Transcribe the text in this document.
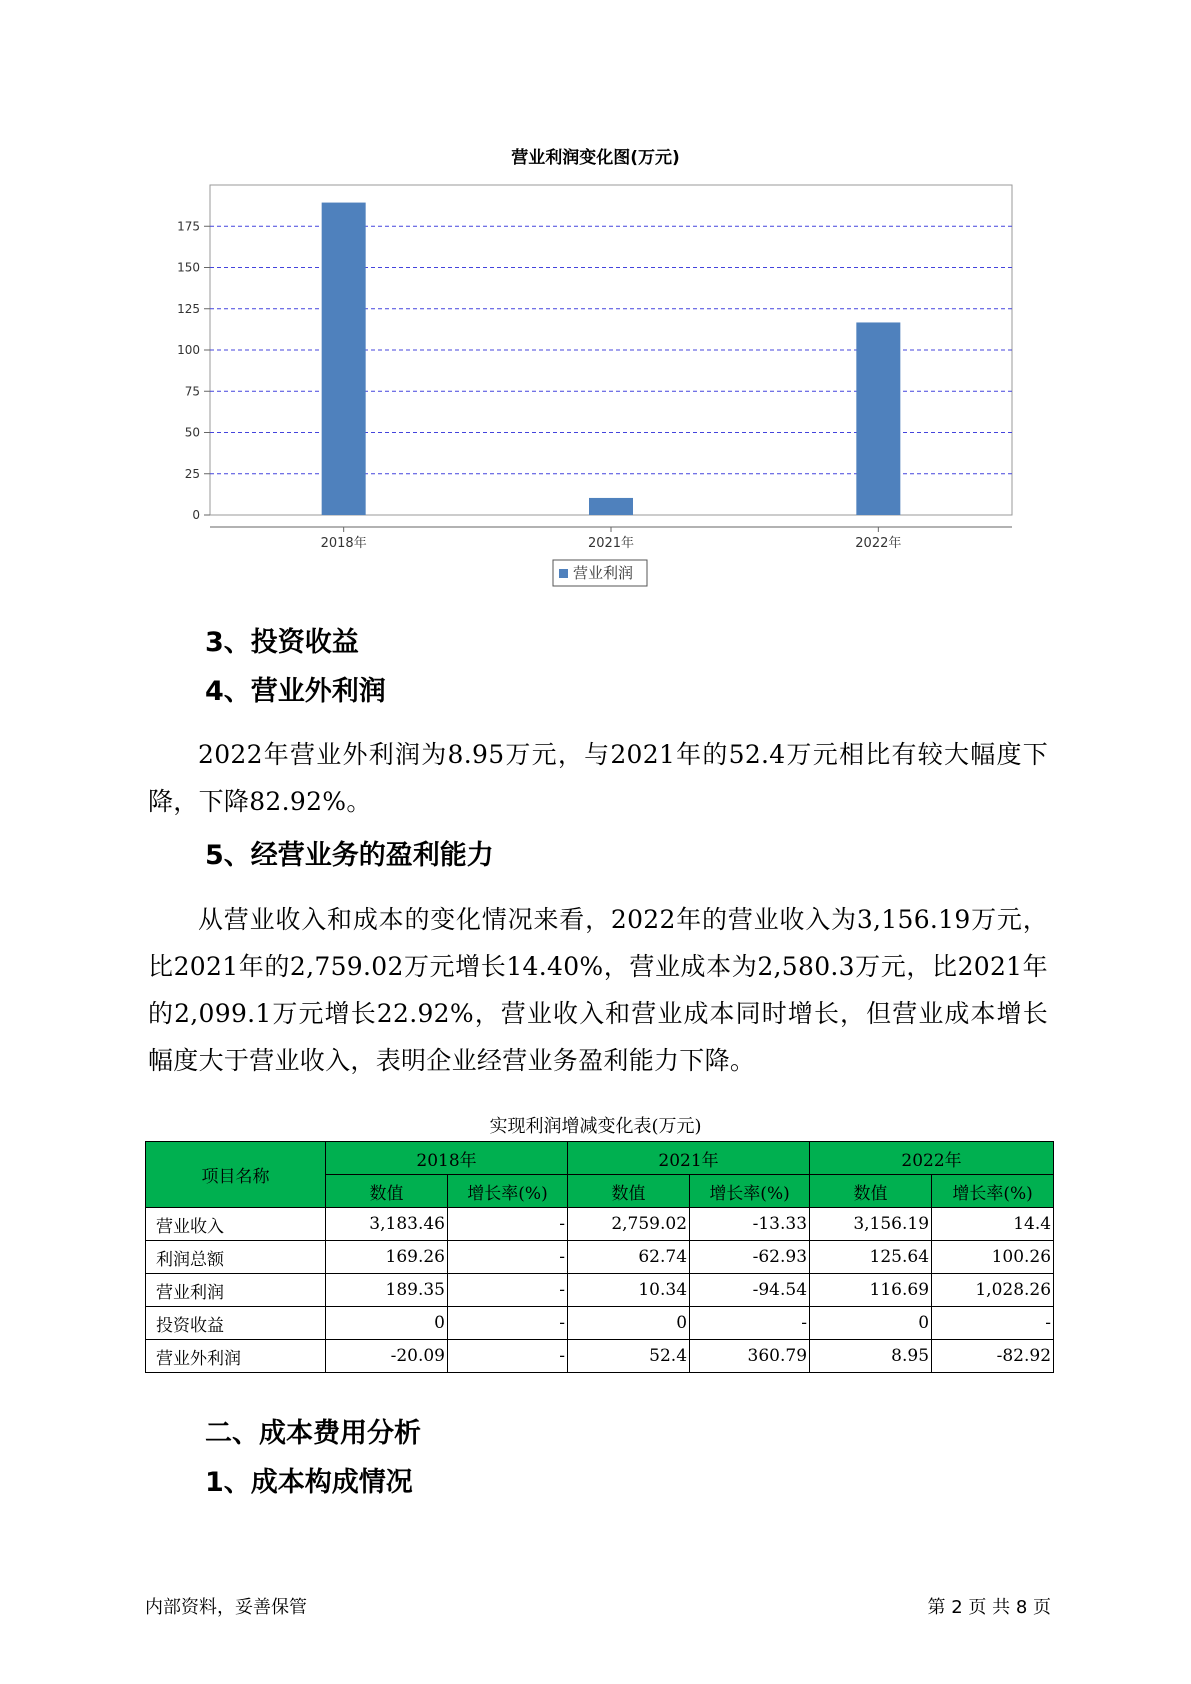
营业利润变化图(万元)
0
25
50
75
100
125
150
175
2018年	2021年	2022年
营业利润
3、投资收益
4、营业外利润
2022年营业外利润为8.95万元，与2021年的52.4万元相比有较大幅度下降，下降82.92%。
5、经营业务的盈利能力
从营业收入和成本的变化情况来看，2022年的营业收入为3,156.19万元，比2021年的2,759.02万元增长14.40%，营业成本为2,580.3万元，比2021年的2,099.1万元增长22.92%，营业收入和营业成本同时增长，但营业成本增长幅度大于营业收入，表明企业经营业务盈利能力下降。
实现利润增减变化表(万元)
项目名称	2018年		2021年		2022年	
	数值	增长率(%)	数值	增长率(%)	数值	增长率(%)
营业收入	3,183.46	-	2,759.02	-13.33	3,156.19	14.4
利润总额	169.26	-	62.74	-62.93	125.64	100.26
营业利润	189.35	-	10.34	-94.54	116.69	1,028.26
投资收益	0	-	0	-	0	-
营业外利润	-20.09	-	52.4	360.79	8.95	-82.92
二、成本费用分析
1、成本构成情况
内部资料，妥善保管	第 2 页 共 8 页
